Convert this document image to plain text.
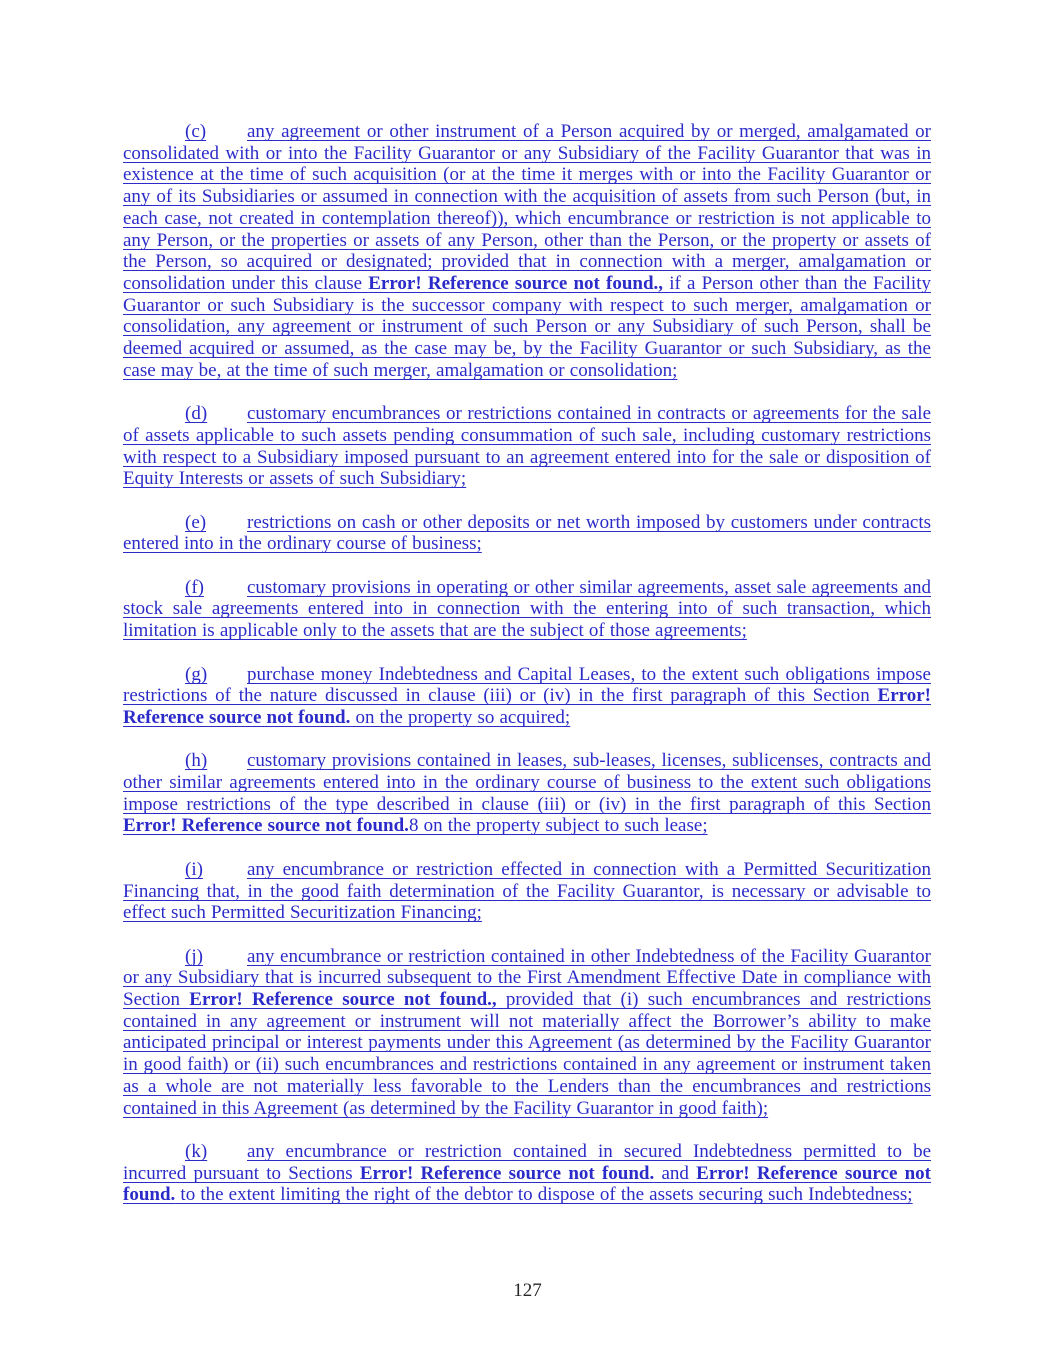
(c) any agreement or other instrument of a Person acquired by or merged, amalgamated or consolidated with or into the Facility Guarantor or any Subsidiary of the Facility Guarantor that was in existence at the time of such acquisition (or at the time it merges with or into the Facility Guarantor or any of its Subsidiaries or assumed in connection with the acquisition of assets from such Person (but, in each case, not created in contemplation thereof)), which encumbrance or restriction is not applicable to any Person, or the properties or assets of any Person, other than the Person, or the property or assets of the Person, so acquired or designated; provided that in connection with a merger, amalgamation or consolidation under this clause Error! Reference source not found., if a Person other than the Facility Guarantor or such Subsidiary is the successor company with respect to such merger, amalgamation or consolidation, any agreement or instrument of such Person or any Subsidiary of such Person, shall be deemed acquired or assumed, as the case may be, by the Facility Guarantor or such Subsidiary, as the case may be, at the time of such merger, amalgamation or consolidation;

(d) customary encumbrances or restrictions contained in contracts or agreements for the sale of assets applicable to such assets pending consummation of such sale, including customary restrictions with respect to a Subsidiary imposed pursuant to an agreement entered into for the sale or disposition of Equity Interests or assets of such Subsidiary;

(e) restrictions on cash or other deposits or net worth imposed by customers under contracts entered into in the ordinary course of business;

(f) customary provisions in operating or other similar agreements, asset sale agreements and stock sale agreements entered into in connection with the entering into of such transaction, which limitation is applicable only to the assets that are the subject of those agreements;

(g) purchase money Indebtedness and Capital Leases, to the extent such obligations impose restrictions of the nature discussed in clause (iii) or (iv) in the first paragraph of this Section Error! Reference source not found. on the property so acquired;

(h) customary provisions contained in leases, sub-leases, licenses, sublicenses, contracts and other similar agreements entered into in the ordinary course of business to the extent such obligations impose restrictions of the type described in clause (iii) or (iv) in the first paragraph of this Section Error! Reference source not found.8 on the property subject to such lease;

(i) any encumbrance or restriction effected in connection with a Permitted Securitization Financing that, in the good faith determination of the Facility Guarantor, is necessary or advisable to effect such Permitted Securitization Financing;

(j) any encumbrance or restriction contained in other Indebtedness of the Facility Guarantor or any Subsidiary that is incurred subsequent to the First Amendment Effective Date in compliance with Section Error! Reference source not found., provided that (i) such encumbrances and restrictions contained in any agreement or instrument will not materially affect the Borrower’s ability to make anticipated principal or interest payments under this Agreement (as determined by the Facility Guarantor in good faith) or (ii) such encumbrances and restrictions contained in any agreement or instrument taken as a whole are not materially less favorable to the Lenders than the encumbrances and restrictions contained in this Agreement (as determined by the Facility Guarantor in good faith);

(k) any encumbrance or restriction contained in secured Indebtedness permitted to be incurred pursuant to Sections Error! Reference source not found. and Error! Reference source not found. to the extent limiting the right of the debtor to dispose of the assets securing such Indebtedness;

127
